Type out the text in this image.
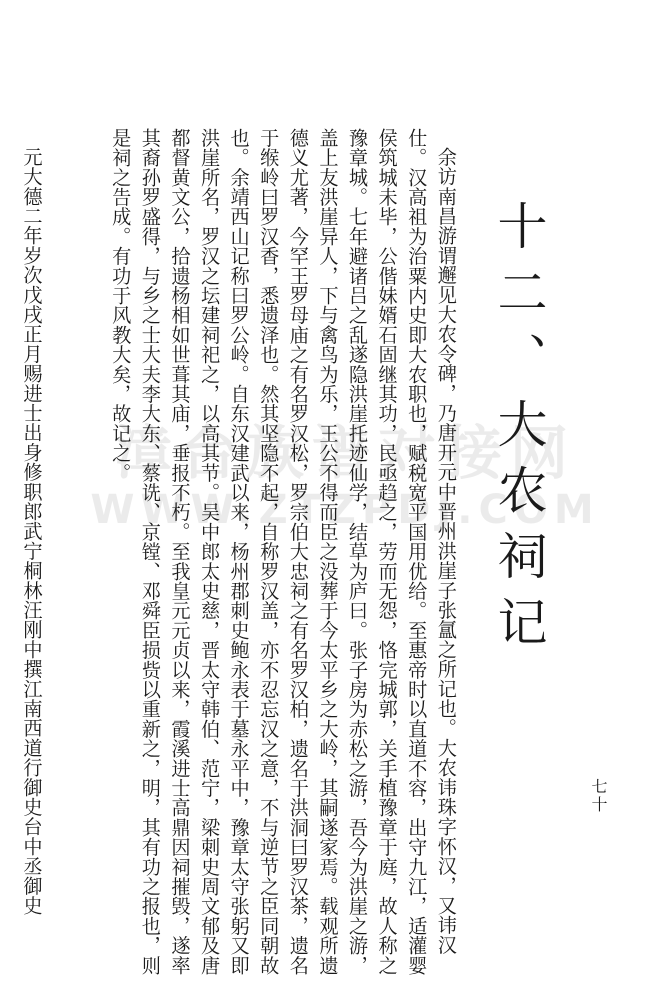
漳台族谱对接网
WWW.ZTZPDJ.COM
十二、大农祠记

余访南昌游谓邂见大农令碑，乃唐开元中晋州洪崖子张氲之所记也。大农讳珠字怀汉，又讳汉仕。汉高祖为治粟内史即大农职也，赋税宽平国用优给。至惠帝时以直道不容，出守九江，适灌婴侯筑城未毕，公偕妹婿石固继其功，民亟趋之，劳而无怨，恪完城郭，关手植豫章于庭，故人称之豫章城。七年避诸吕之乱遂隐洪崖托迹仙学，结草为庐曰。张子房为赤松之游，吾今为洪崖之游，盖上友洪崖异人，下与禽鸟为乐，王公不得而臣之没葬于今太平乡之大岭，其嗣遂家焉。载观所遗德义尤著，今罕王罗母庙之有名罗汉松，罗宗伯大忠祠之有名罗汉柏，遗名于洪洞曰罗汉茶，遗名于缑岭曰罗汉香，悉遗泽也。然其坚隐不起，自称罗汉盖，亦不忍忘汉之意，不与逆节之臣同朝故也。余靖西山记称曰罗公岭。自东汉建武以来，杨州郡刺史鲍永表于墓永平中，豫章太守张躬又即洪崖所名，罗汉之坛建祠祀之，以高其节。吴中郎太史慈，晋太守韩伯、范宁，梁刺史周文郁及唐都督黄文公，拾遗杨相如世葺其庙，垂报不朽。至我皇元元贞以来，霞溪进士高鼎因祠摧毁，遂率其裔孙罗盛得，与乡之士大夫李大东、蔡诜、京镗、邓舜臣损赀以重新之，明，其有功之报也，则是祠之告成。有功于风教大矣，故记之。

元大德二年岁次戊戌正月赐进士出身修职郎武宁桐林汪刚中撰江南西道行御史台中丞御史

	七十
